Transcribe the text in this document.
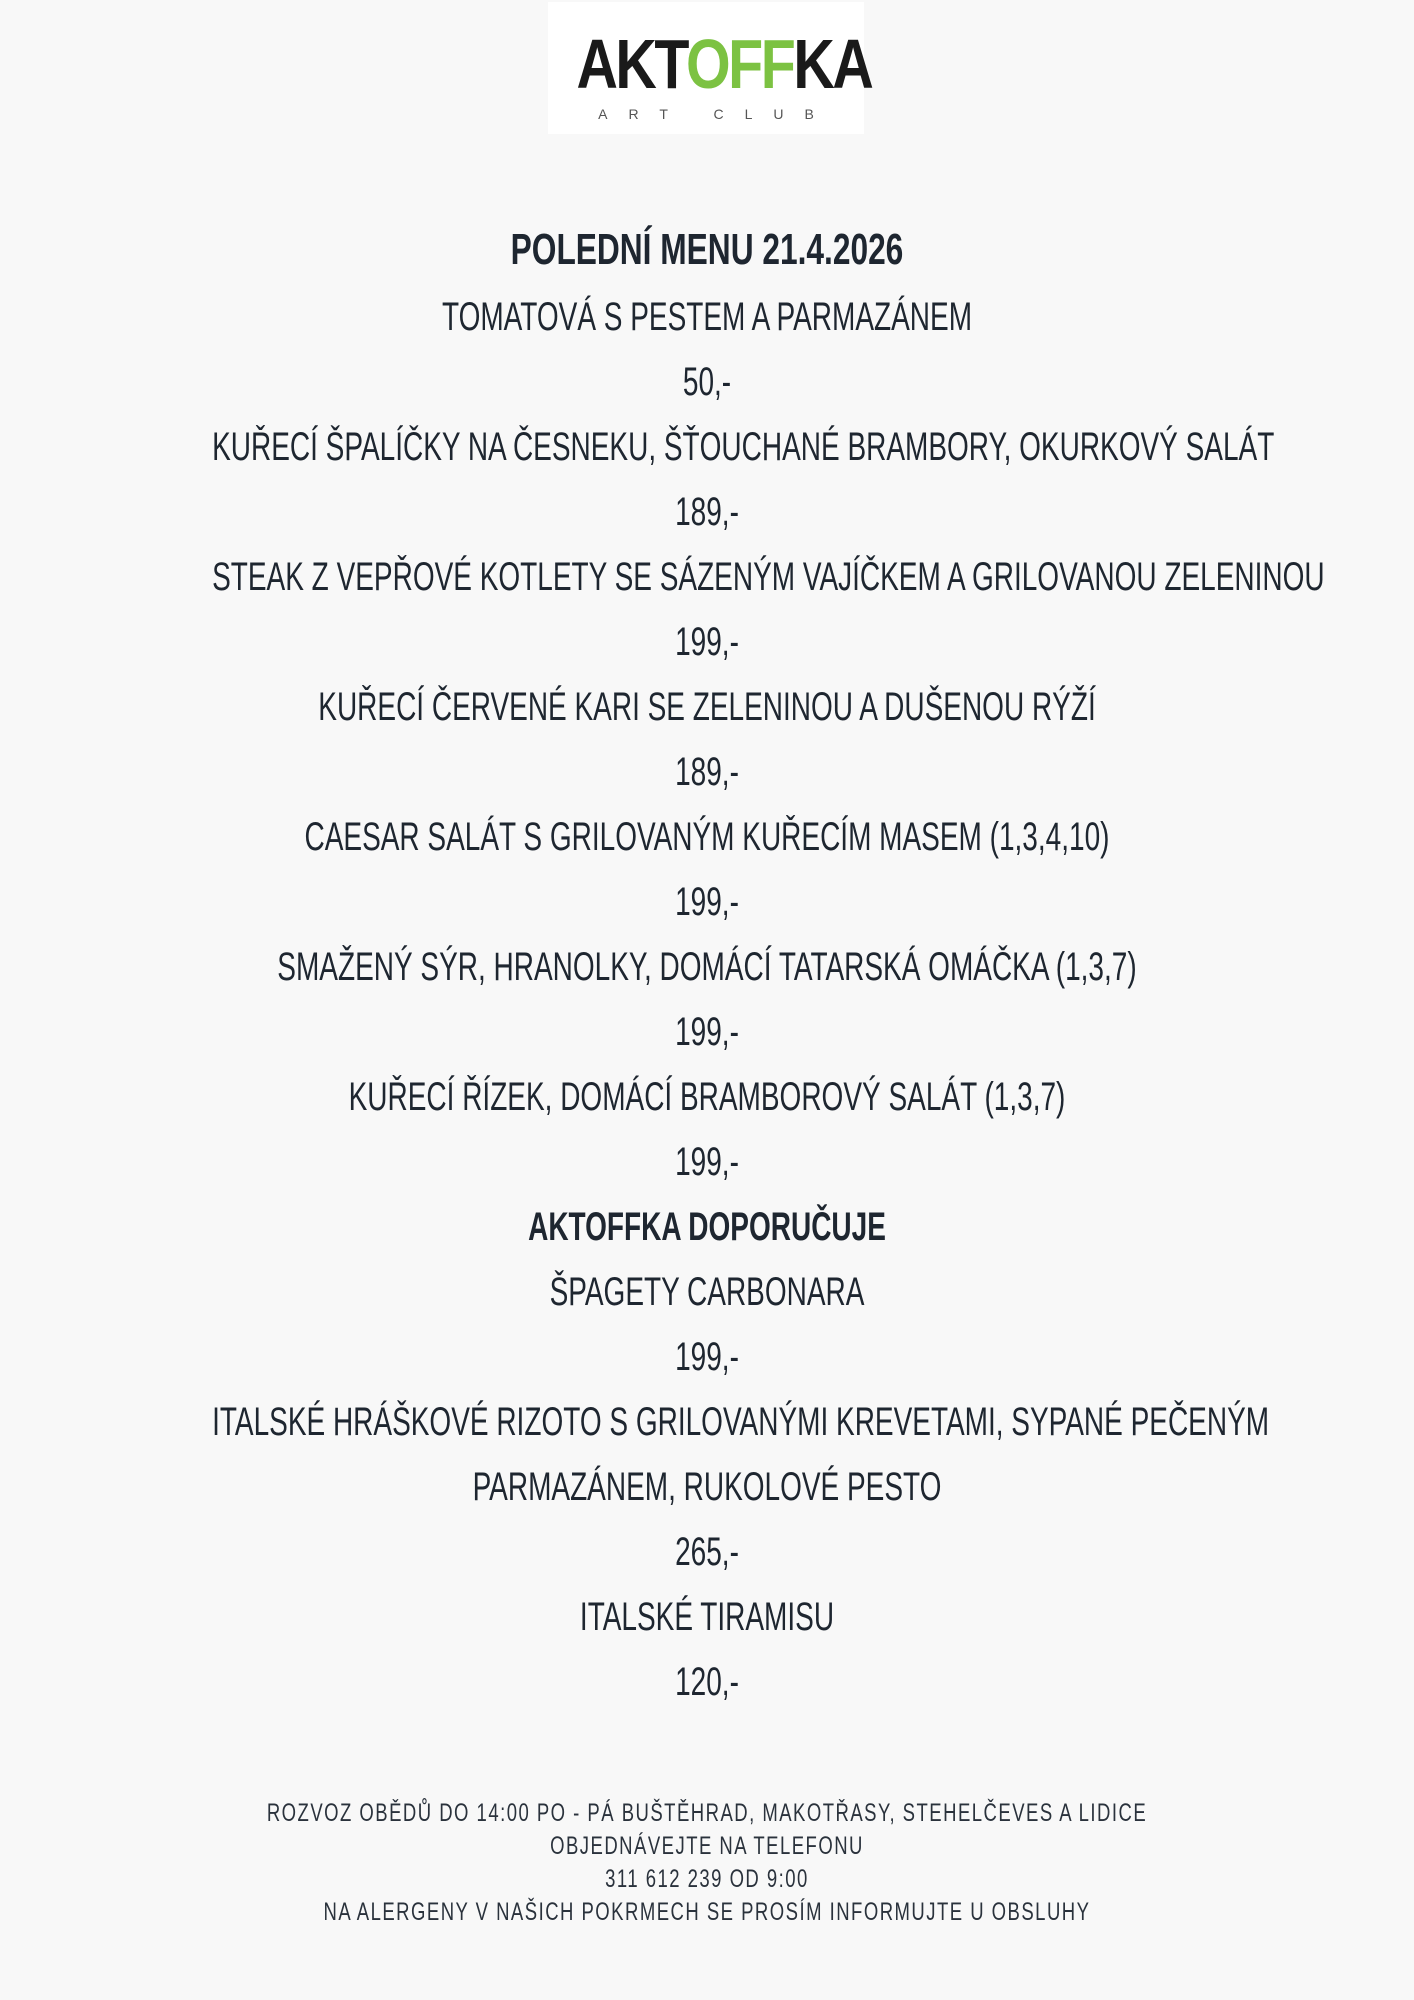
AKTOFFKA
ART CLUB
POLEDNÍ MENU 21.4.2026
TOMATOVÁ S PESTEM A PARMAZÁNEM
50,-
KUŘECÍ ŠPALÍČKY NA ČESNEKU, ŠŤOUCHANÉ BRAMBORY, OKURKOVÝ SALÁT
189,-
STEAK Z VEPŘOVÉ KOTLETY SE SÁZENÝM VAJÍČKEM A GRILOVANOU ZELENINOU
199,-
KUŘECÍ ČERVENÉ KARI SE ZELENINOU A DUŠENOU RÝŽÍ
189,-
CAESAR SALÁT S GRILOVANÝM KUŘECÍM MASEM (1,3,4,10)
199,-
SMAŽENÝ SÝR, HRANOLKY, DOMÁCÍ TATARSKÁ OMÁČKA (1,3,7)
199,-
KUŘECÍ ŘÍZEK, DOMÁCÍ BRAMBOROVÝ SALÁT (1,3,7)
199,-
AKTOFFKA DOPORUČUJE
ŠPAGETY CARBONARA
199,-
ITALSKÉ HRÁŠKOVÉ RIZOTO S GRILOVANÝMI KREVETAMI, SYPANÉ PEČENÝM
PARMAZÁNEM, RUKOLOVÉ PESTO
265,-
ITALSKÉ TIRAMISU
120,-
ROZVOZ OBĚDŮ DO 14:00 PO - PÁ BUŠTĚHRAD, MAKOTŘASY, STEHELČEVES A LIDICE
OBJEDNÁVEJTE NA TELEFONU
311 612 239 OD 9:00
NA ALERGENY V NAŠICH POKRMECH SE PROSÍM INFORMUJTE U OBSLUHY
